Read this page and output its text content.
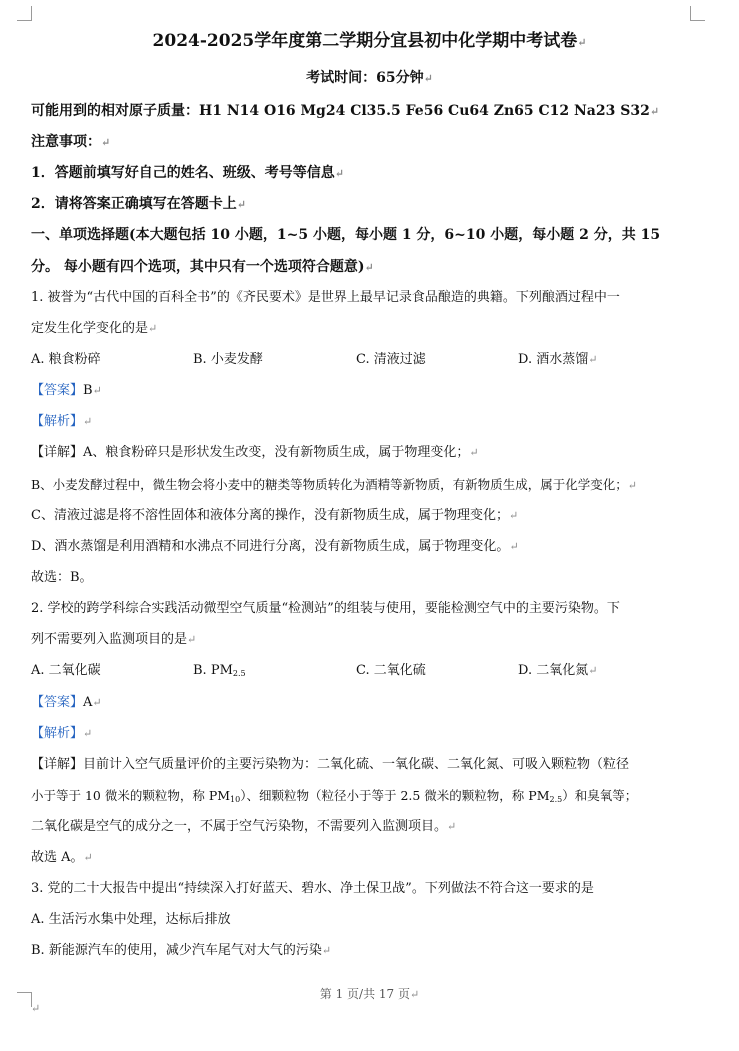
2024-2025学年度第二学期分宜县初中化学期中考试卷↵
考试时间：65分钟↵
可能用到的相对原子质量：H1 N14 O16 Mg24 Cl35.5 Fe56 Cu64 Zn65 C12 Na23 S32↵
注意事项：↵
1．答题前填写好自己的姓名、班级、考号等信息↵
2．请将答案正确填写在答题卡上↵
一、单项选择题(本大题包括 10 小题，1~5 小题，每小题 1 分，6~10 小题，每小题 2 分，共 15
分。 每小题有四个选项，其中只有一个选项符合题意)↵
1. 被誉为“古代中国的百科全书”的《齐民要术》是世界上最早记录食品酿造的典籍。下列酿酒过程中一
定发生化学变化的是↵
A. 粮食粉碎	B. 小麦发酵	C. 清液过滤	D. 酒水蒸馏↵
【答案】B↵
【解析】↵
【详解】A、粮食粉碎只是形状发生改变，没有新物质生成，属于物理变化；↵
B、小麦发酵过程中，微生物会将小麦中的糖类等物质转化为酒精等新物质，有新物质生成，属于化学变化；↵
C、清液过滤是将不溶性固体和液体分离的操作，没有新物质生成，属于物理变化；↵
D、酒水蒸馏是利用酒精和水沸点不同进行分离，没有新物质生成，属于物理变化。↵
故选：B。
2. 学校的跨学科综合实践活动微型空气质量“检测站”的组装与使用，要能检测空气中的主要污染物。下
列不需要列入监测项目的是↵
A. 二氧化碳	B. $PM_{2.5}$	C. 二氧化硫	D. 二氧化氮↵
【答案】A↵
【解析】↵
【详解】目前计入空气质量评价的主要污染物为：二氧化硫、一氧化碳、二氧化氮、可吸入颗粒物（粒径
小于等于 10 微米的颗粒物，称 $PM_{10}$）、细颗粒物（粒径小于等于 2.5 微米的颗粒物，称 $PM_{2.5}$）和臭氧等；
二氧化碳是空气的成分之一，不属于空气污染物，不需要列入监测项目。↵
故选 A。↵
3. 党的二十大报告中提出“持续深入打好蓝天、碧水、净土保卫战”。下列做法不符合这一要求的是
A. 生活污水集中处理，达标后排放
B. 新能源汽车的使用，减少汽车尾气对大气的污染↵
第 1 页/共 17 页↵
↵
